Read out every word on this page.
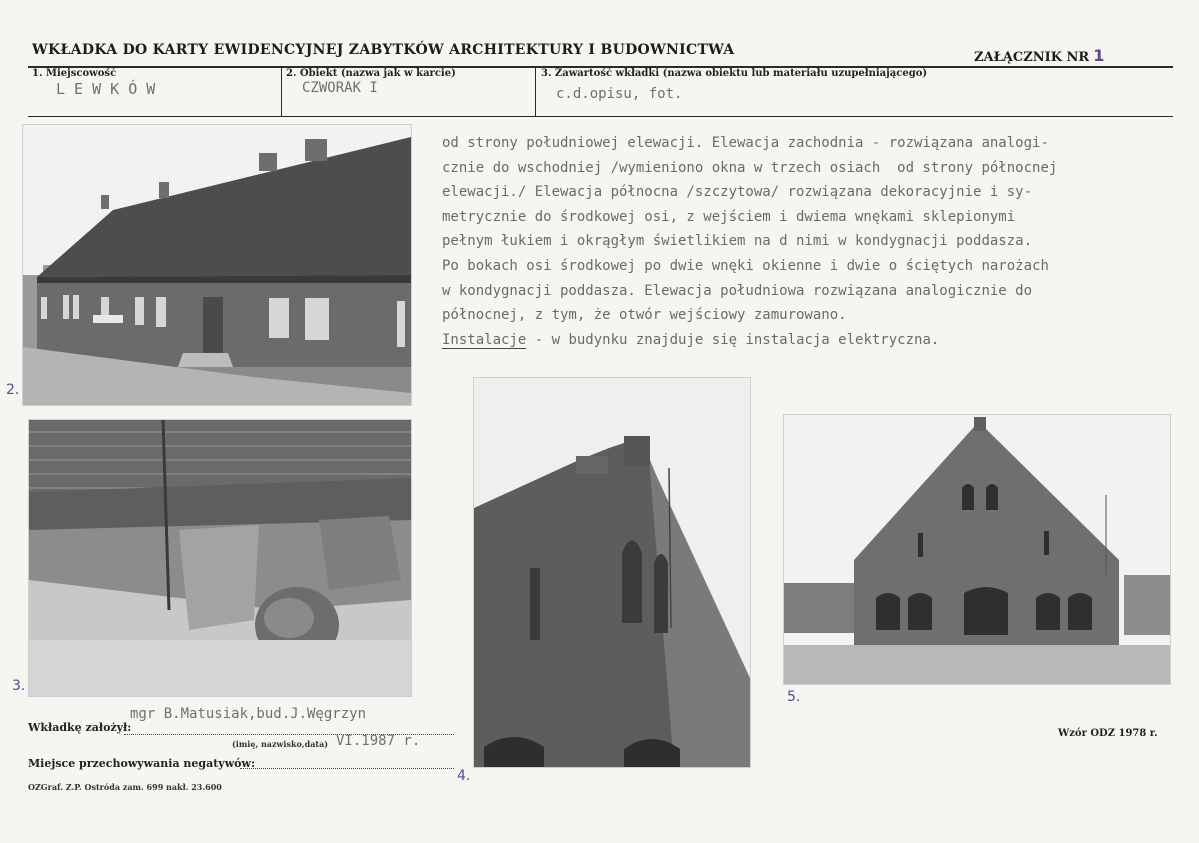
WKŁADKA DO KARTY EWIDENCYJNEJ ZABYTKÓW ARCHITEKTURY I BUDOWNICTWA	ZAŁĄCZNIK NR 1
1. Miejscowość
L E W K Ó W
2. Obiekt (nazwa jak w karcie)
CZWORAK I
3. Zawartość wkładki (nazwa obiektu lub materiału uzupełniającego)
c.d.opisu, fot.
od strony południowej elewacji. Elewacja zachodnia - rozwiązana analogi-
cznie do wschodniej /wymieniono okna w trzech osiach  od strony północnej
elewacji./ Elewacja północna /szczytowa/ rozwiązana dekoracyjnie i sy-
metrycznie do środkowej osi, z wejściem i dwiema wnękami sklepionymi
pełnym łukiem i okrągłym świetlikiem na d nimi w kondygnacji poddasza.
Po bokach osi środkowej po dwie wnęki okienne i dwie o ściętych narożach
w kondygnacji poddasza. Elewacja południowa rozwiązana analogicznie do
północnej, z tym, że otwór wejściowy zamurowano.
Instalacje - w budynku znajduje się instalacja elektryczna.
2.
3.
4.
5.
Wkładkę założył:
mgr B.Matusiak,bud.J.Węgrzyn
(imię, nazwisko,data) VI.1987 r.
Miejsce przechowywania negatywów:
OZGraf. Z.P. Ostróda zam. 699 nakł. 23.600
Wzór ODZ 1978 r.
